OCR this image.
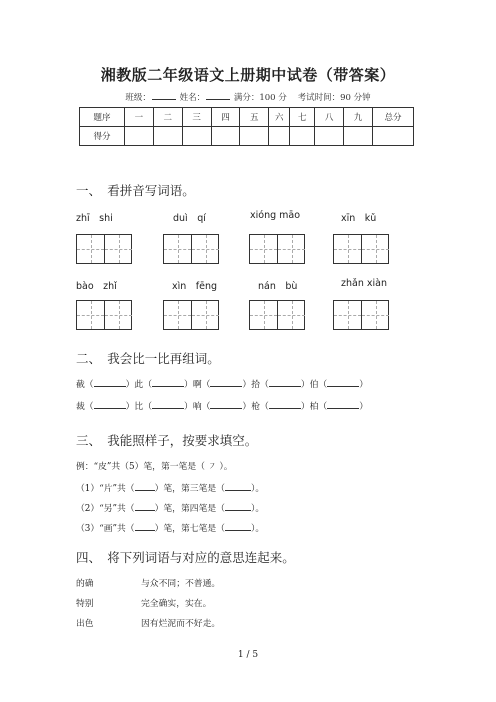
湘教版二年级语文上册期中试卷（带答案）
班级：	姓名：	满分：100 分 考试时间：90 分钟
题序	一	二	三	四	五	六	七	八	九	总分
得分										
一、　看拼音写词语。
zhī　shi	duì　qí	xióng māo	xīn　kǔ
bào　zhǐ	xìn　fēng	nán　bù	zhǎn xiàn
二、　我会比一比再组词。
截（	）此（	）啊（	）拾（	）伯（	）
裁（	）比（	）响（	）枪（	）柏（	）
三、　我能照样子，按要求填空。
例：“皮”共（5）笔，第一笔是（ ㇇ ）。
（1）“片”共（ ）笔，第三笔是（	）。
（2）“另”共（ ）笔，第四笔是（	）。
（3）“画”共（ ）笔，第七笔是（	）。
四、　将下列词语与对应的意思连起来。
的确	与众不同；不普通。
特别	完全确实，实在。
出色	因有烂泥而不好走。
1 / 5
